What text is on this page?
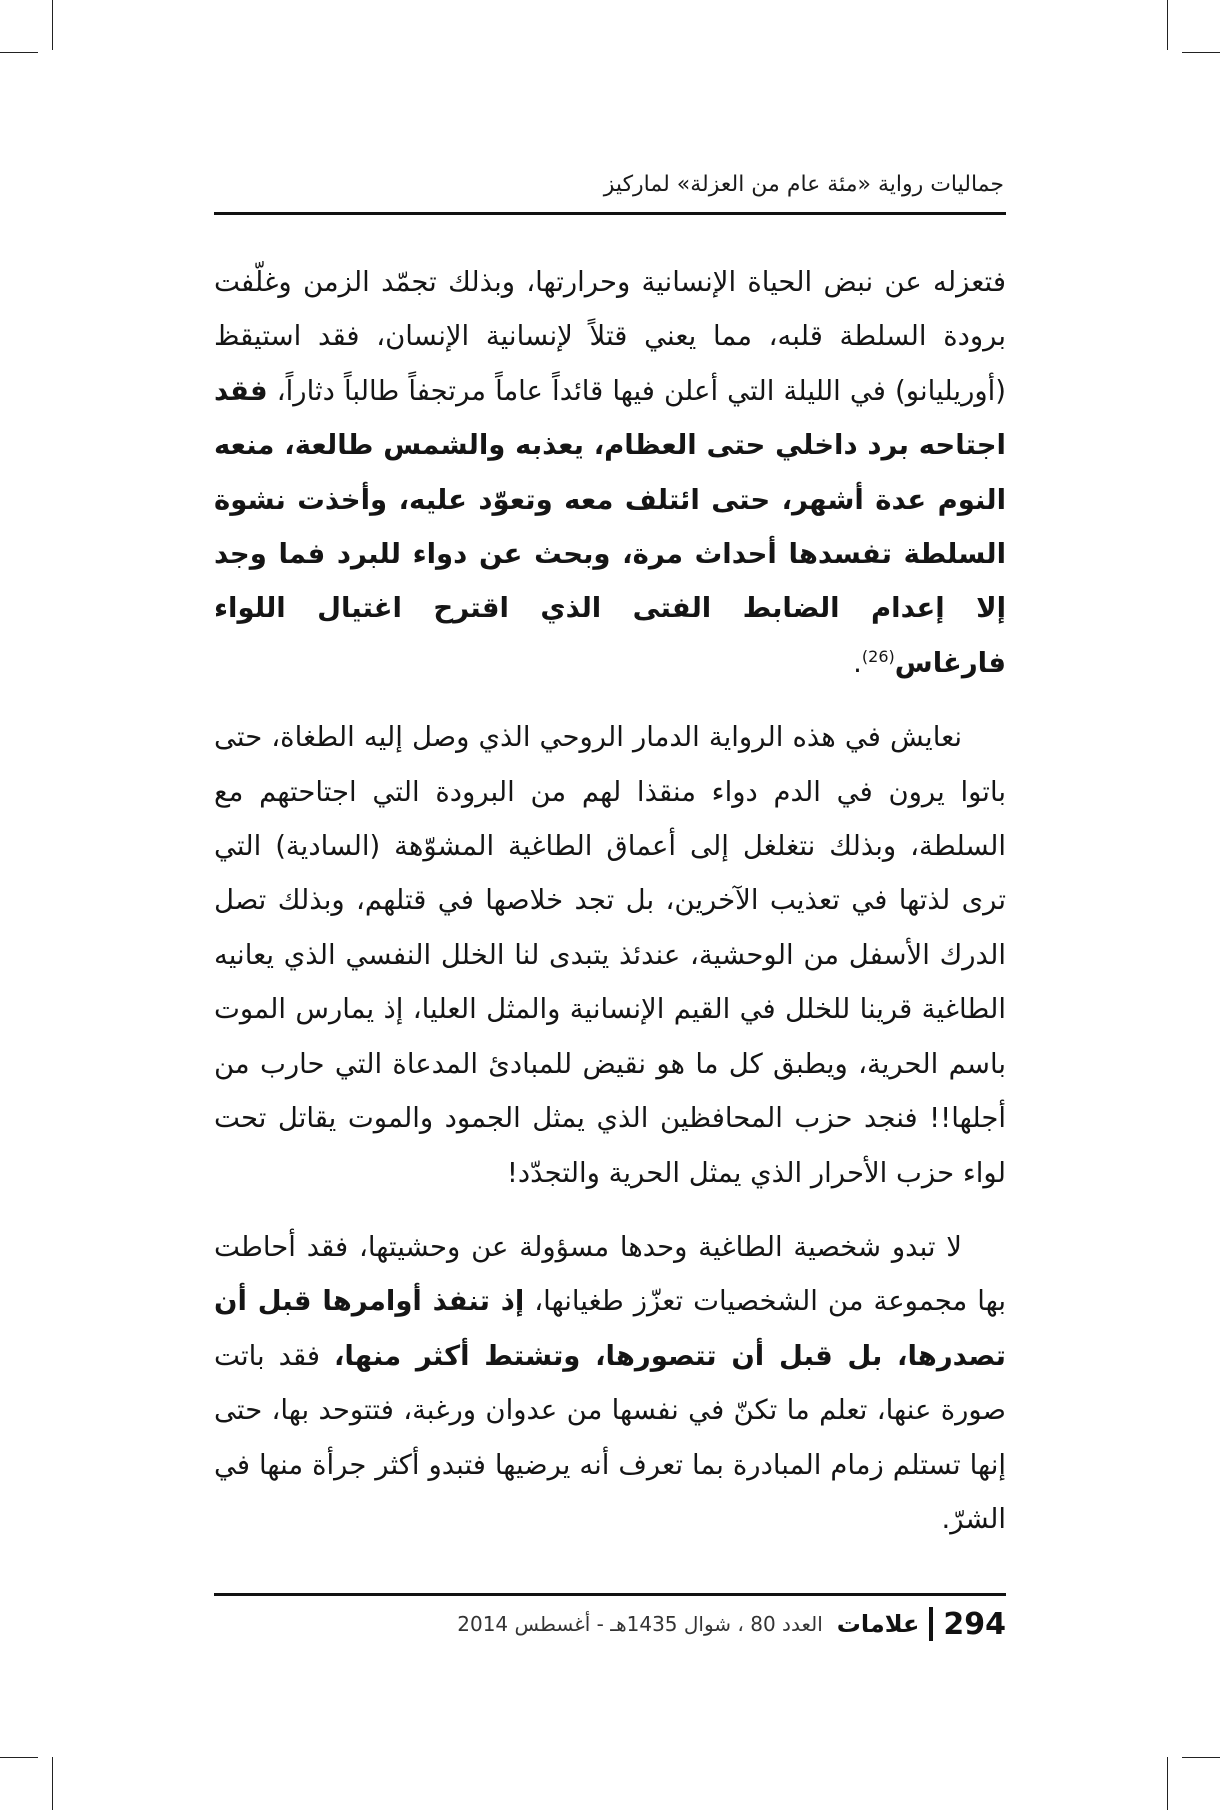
جماليات رواية «مئة عام من العزلة» لماركيز

فتعزله عن نبض الحياة الإنسانية وحرارتها، وبذلك تجمّد الزمن وغلّفت برودة السلطة قلبه، مما يعني قتلاً لإنسانية الإنسان، فقد استيقظ (أوريليانو) في الليلة التي أعلن فيها قائداً عاماً مرتجفاً طالباً دثاراً، فقد اجتاحه برد داخلي حتى العظام، يعذبه والشمس طالعة، منعه النوم عدة أشهر، حتى ائتلف معه وتعوّد عليه، وأخذت نشوة السلطة تفسدها أحداث مرة، وبحث عن دواء للبرد فما وجد إلا إعدام الضابط الفتى الذي اقترح اغتيال اللواء فارغاس$^{(26)}$.

نعايش في هذه الرواية الدمار الروحي الذي وصل إليه الطغاة، حتى باتوا يرون في الدم دواء منقذا لهم من البرودة التي اجتاحتهم مع السلطة، وبذلك نتغلغل إلى أعماق الطاغية المشوّهة (السادية) التي ترى لذتها في تعذيب الآخرين، بل تجد خلاصها في قتلهم، وبذلك تصل الدرك الأسفل من الوحشية، عندئذ يتبدى لنا الخلل النفسي الذي يعانيه الطاغية قرينا للخلل في القيم الإنسانية والمثل العليا، إذ يمارس الموت باسم الحرية، ويطبق كل ما هو نقيض للمبادئ المدعاة التي حارب من أجلها!! فنجد حزب المحافظين الذي يمثل الجمود والموت يقاتل تحت لواء حزب الأحرار الذي يمثل الحرية والتجدّد!

لا تبدو شخصية الطاغية وحدها مسؤولة عن وحشيتها، فقد أحاطت بها مجموعة من الشخصيات تعزّز طغيانها، إذ تنفذ أوامرها قبل أن تصدرها، بل قبل أن تتصورها، وتشتط أكثر منها، فقد باتت صورة عنها، تعلم ما تكنّ في نفسها من عدوان ورغبة، فتتوحد بها، حتى إنها تستلم زمام المبادرة بما تعرف أنه يرضيها فتبدو أكثر جرأة منها في الشرّ.

294
علامات
العدد 80 ، شوال 1435هـ - أغسطس 2014
